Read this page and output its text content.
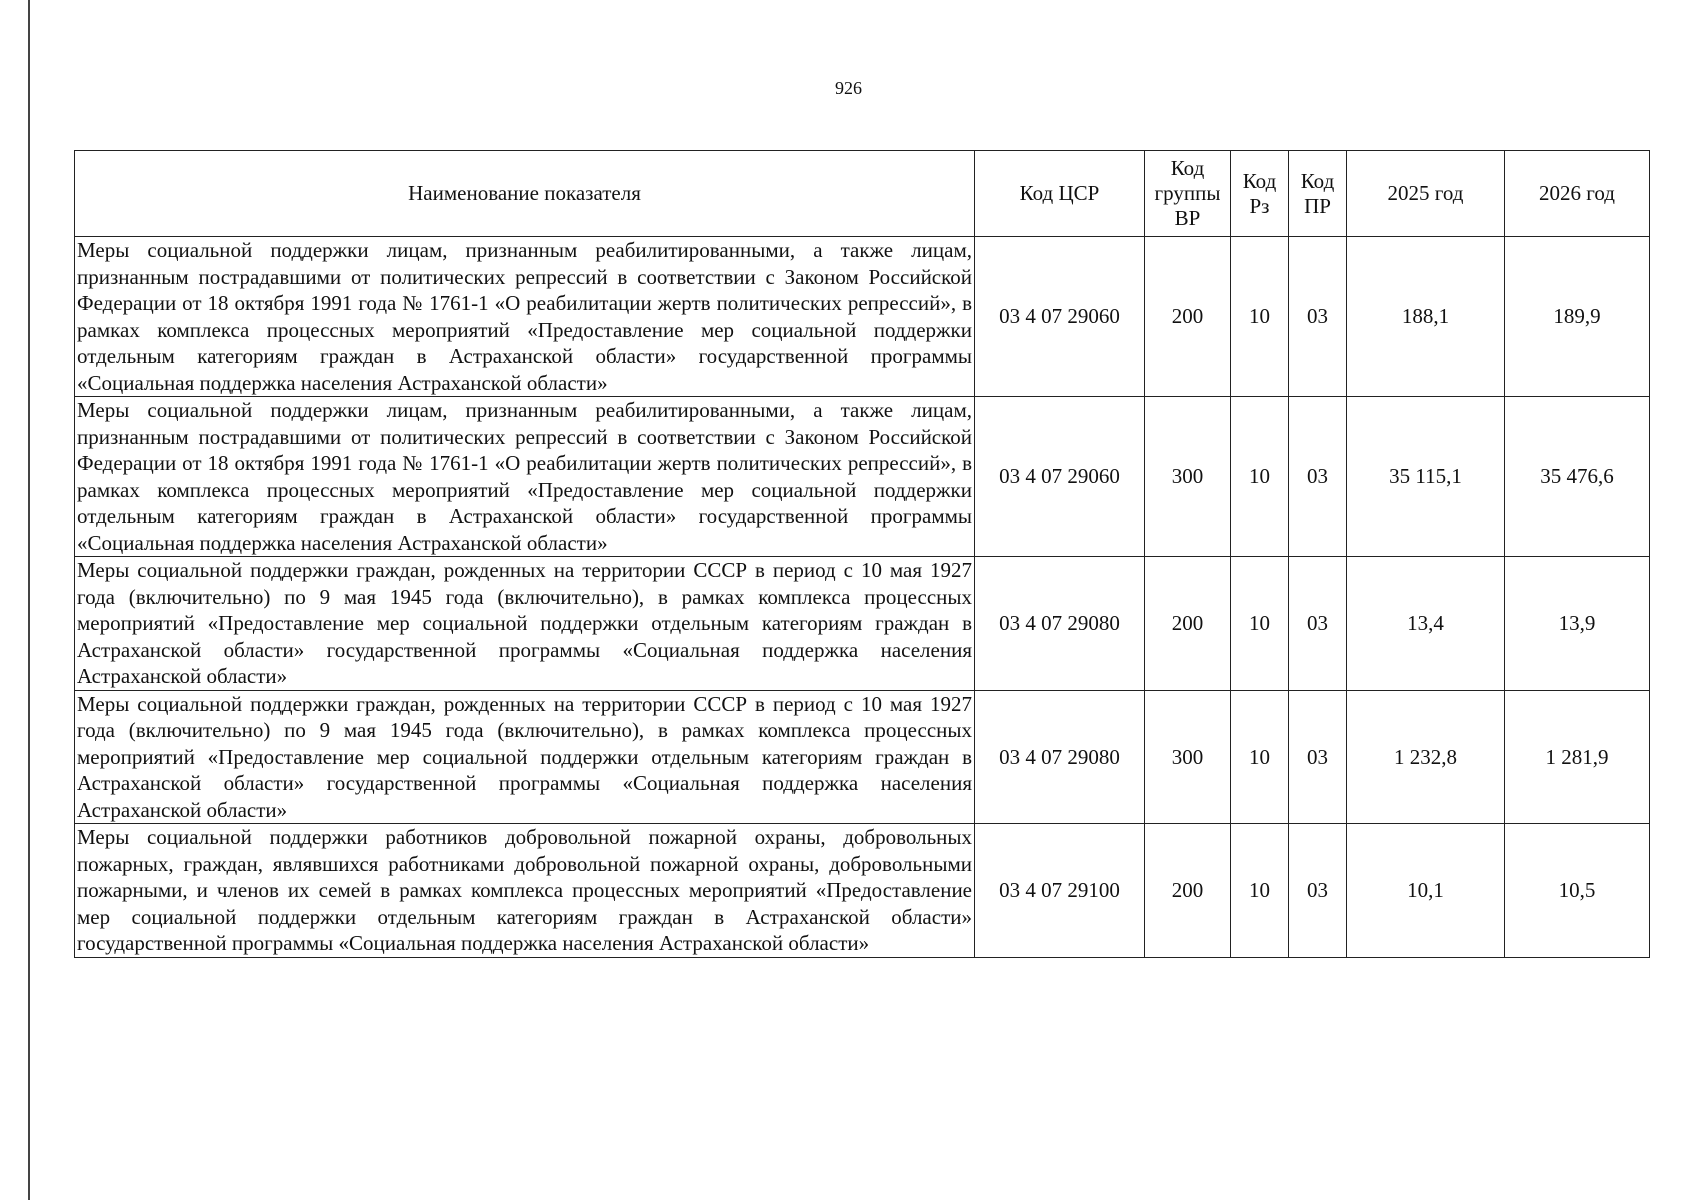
926
Наименование показателя	Код ЦСР	Код группы ВР	Код Рз	Код ПР	2025 год	2026 год
Меры социальной поддержки лицам, признанным реабилитированными, а также лицам, признанным пострадавшими от политических репрессий в соответствии с Законом Российской Федерации от 18 октября 1991 года № 1761-1 «О реабилитации жертв политических репрессий», в рамках комплекса процессных мероприятий «Предоставление мер социальной поддержки отдельным категориям граждан в Астраханской области» государственной программы «Социальная поддержка населения Астраханской области»	03 4 07 29060	200	10	03	188,1	189,9
Меры социальной поддержки лицам, признанным реабилитированными, а также лицам, признанным пострадавшими от политических репрессий в соответствии с Законом Российской Федерации от 18 октября 1991 года № 1761-1 «О реабилитации жертв политических репрессий», в рамках комплекса процессных мероприятий «Предоставление мер социальной поддержки отдельным категориям граждан в Астраханской области» государственной программы «Социальная поддержка населения Астраханской области»	03 4 07 29060	300	10	03	35 115,1	35 476,6
Меры социальной поддержки граждан, рожденных на территории СССР в период с 10 мая 1927 года (включительно) по 9 мая 1945 года (включительно), в рамках комплекса процессных мероприятий «Предоставление мер социальной поддержки отдельным категориям граждан в Астраханской области» государственной программы «Социальная поддержка населения Астраханской области»	03 4 07 29080	200	10	03	13,4	13,9
Меры социальной поддержки граждан, рожденных на территории СССР в период с 10 мая 1927 года (включительно) по 9 мая 1945 года (включительно), в рамках комплекса процессных мероприятий «Предоставление мер социальной поддержки отдельным категориям граждан в Астраханской области» государственной программы «Социальная поддержка населения Астраханской области»	03 4 07 29080	300	10	03	1 232,8	1 281,9
Меры социальной поддержки работников добровольной пожарной охраны, добровольных пожарных, граждан, являвшихся работниками добровольной пожарной охраны, добровольными пожарными, и членов их семей в рамках комплекса процессных мероприятий «Предоставление мер социальной поддержки отдельным категориям граждан в Астраханской области» государственной программы «Социальная поддержка населения Астраханской области»	03 4 07 29100	200	10	03	10,1	10,5
